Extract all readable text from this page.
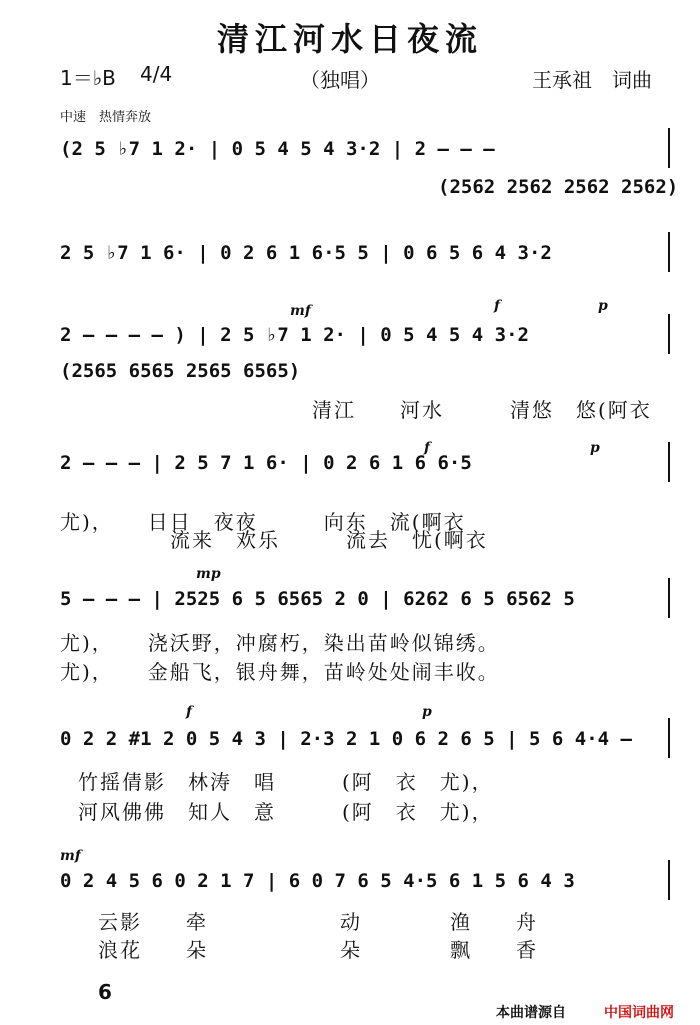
清江河水日夜流
1＝♭B 4/4	（独唱）	王承祖　词曲
中速　热情奔放
(2 5 ♭7 1 2· | 0 5 4 5 4 3·2 | 2 — — —
(2562 2562 2562 2562)
2 5 ♭7 1 6· | 0 2 6 1 6·5 5 | 0 6 5 6 4 3·2
mf	f	p
2 — — — — ) | 2 5 ♭7 1 2· | 0 5 4 5 4 3·2
(2565 6565 2565 6565)
清江　　河水　　　清悠　悠(阿衣
f	p
2 — — — | 2 5 7 1 6· | 0 2 6 1 6 6·5
尤)，　　日日　夜夜　　　向东　流(啊衣
　　　　　流来　欢乐　　　流去　忧(啊衣
mp
5 — — — | 2525 6 5 6565 2 0 | 6262 6 5 6562 5
尤)，　　浇沃野，冲腐朽，染出苗岭似锦绣。
尤)，　　金船飞，银舟舞，苗岭处处闹丰收。
f	p
0 2 2 #1 2 0 5 4 3 | 2·3 2 1 0 6 2 6 5 | 5 6 4·4 —
竹摇倩影　林涛　唱　　　(阿　衣　尤)，
河风佛佛　知人　意　　　(阿　衣　尤)，
mf
0 2 4 5 6 0 2 1 7 | 6 0 7 6 5 4·5 6 1 5 6 4 3
云影　　牵　　　　　　动　　　　渔　　舟
浪花　　朵　　　　　　朵　　　　飘　　香
6
本曲谱源自	中国词曲网
